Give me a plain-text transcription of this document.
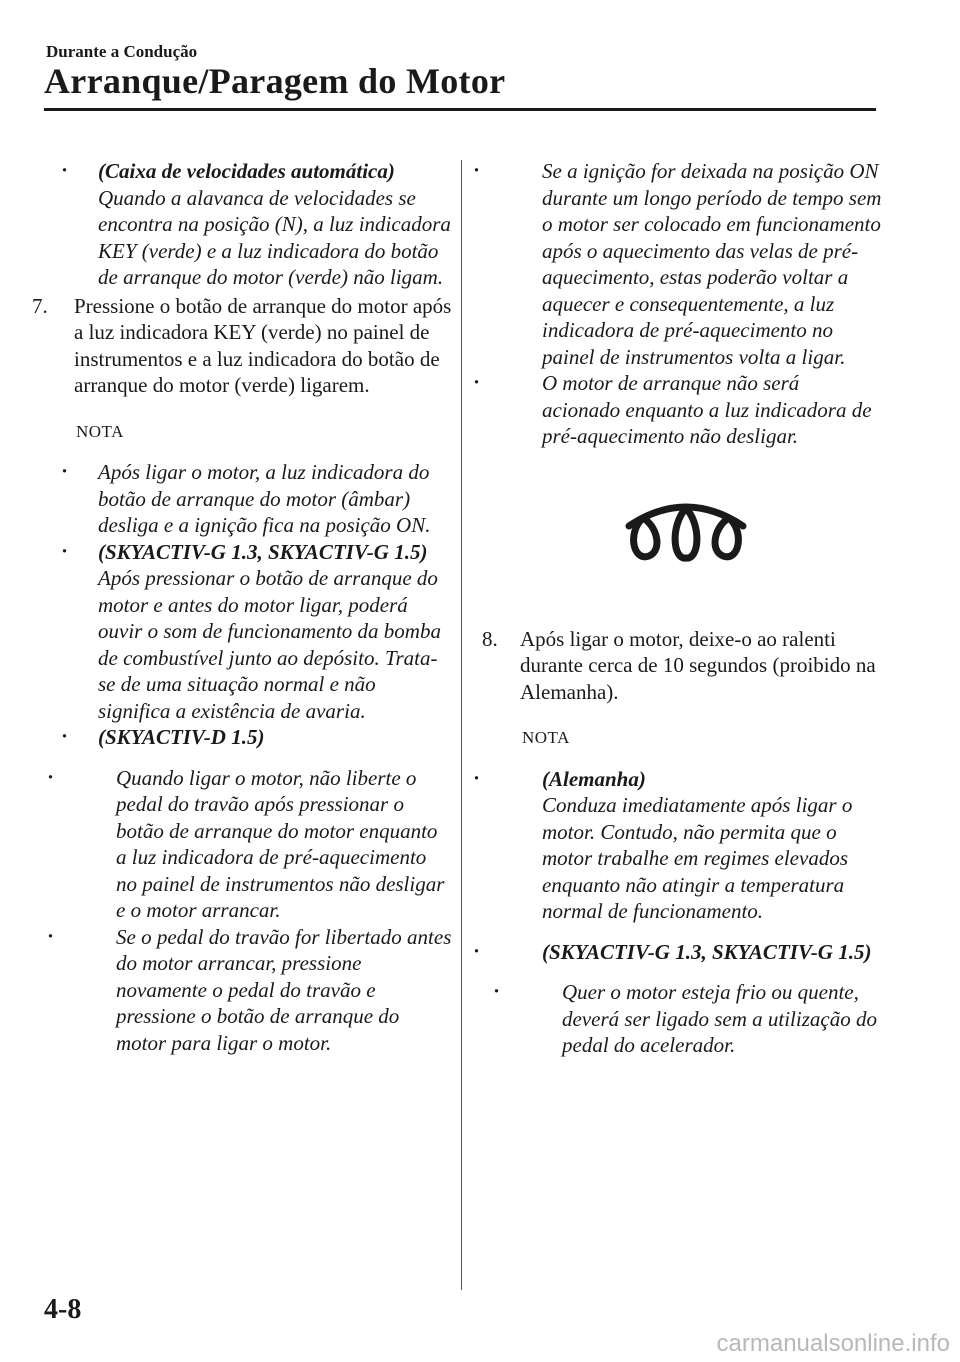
Durante a Condução
Arranque/Paragem do Motor
· (Caixa de velocidades automática)
Quando a alavanca de velocidades se encontra na posição (N), a luz indicadora KEY (verde) e a luz indicadora do botão de arranque do motor (verde) não ligam.
7. Pressione o botão de arranque do motor após a luz indicadora KEY (verde) no painel de instrumentos e a luz indicadora do botão de arranque do motor (verde) ligarem.

NOTA

· Após ligar o motor, a luz indicadora do botão de arranque do motor (âmbar) desliga e a ignição fica na posição ON.
· (SKYACTIV-G 1.3, SKYACTIV-G 1.5)
Após pressionar o botão de arranque do motor e antes do motor ligar, poderá ouvir o som de funcionamento da bomba de combustível junto ao depósito. Trata-se de uma situação normal e não significa a existência de avaria.
· (SKYACTIV-D 1.5)
· Quando ligar o motor, não liberte o pedal do travão após pressionar o botão de arranque do motor enquanto a luz indicadora de pré-aquecimento no painel de instrumentos não desligar e o motor arrancar.
· Se o pedal do travão for libertado antes do motor arrancar, pressione novamente o pedal do travão e pressione o botão de arranque do motor para ligar o motor.
· Se a ignição for deixada na posição ON durante um longo período de tempo sem o motor ser colocado em funcionamento após o aquecimento das velas de pré-aquecimento, estas poderão voltar a aquecer e consequentemente, a luz indicadora de pré-aquecimento no painel de instrumentos volta a ligar.
· O motor de arranque não será acionado enquanto a luz indicadora de pré-aquecimento não desligar.
8. Após ligar o motor, deixe-o ao ralenti durante cerca de 10 segundos (proibido na Alemanha).

NOTA

· (Alemanha)
Conduza imediatamente após ligar o motor. Contudo, não permita que o motor trabalhe em regimes elevados enquanto não atingir a temperatura normal de funcionamento.
· (SKYACTIV-G 1.3, SKYACTIV-G 1.5)
· Quer o motor esteja frio ou quente, deverá ser ligado sem a utilização do pedal do acelerador.
4-8
carmanualsonline.info
